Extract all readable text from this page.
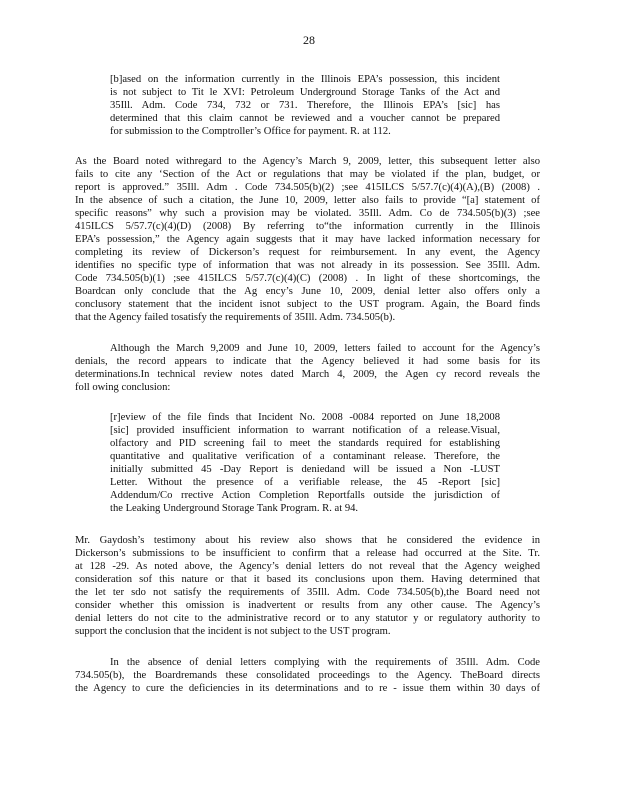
28
[b]ased on the information currently in the Illinois EPA’s possession, this incident
is not subject to Tit le XVI: Petroleum Underground Storage Tanks of the Act and
35Ill. Adm. Code 734, 732 or 731. Therefore, the Illinois EPA’s [sic] has
determined that this claim cannot be reviewed and a voucher cannot be prepared
for submission to the Comptroller’s Office for payment. R. at 112.
As the Board noted withregard to the Agency’s March 9, 2009, letter, this subsequent letter also
fails to cite any ‘Section of the Act or regulations that may be violated if the plan, budget, or
report is approved.” 35Ill. Adm . Code 734.505(b)(2) ;see 415ILCS 5/57.7(c)(4)(A),(B) (2008) .
In the absence of such a citation, the June 10, 2009, letter also fails to provide “[a] statement of
specific reasons” why such a provision may be violated. 35Ill. Adm. Co de 734.505(b)(3) ;see
415ILCS 5/57.7(c)(4)(D) (2008) By referring to“the information currently in the Illinois
EPA’s possession,” the Agency again suggests that it may have lacked information necessary for
completing its review of Dickerson’s request for reimbursement. In any event, the Agency
identifies no specific type of information that was not already in its possession. See 35Ill. Adm.
Code 734.505(b)(1) ;see 415ILCS 5/57.7(c)(4)(C) (2008) . In light of these shortcomings, the
Boardcan only conclude that the Ag ency’s June 10, 2009, denial letter also offers only a
conclusory statement that the incident isnot subject to the UST program. Again, the Board finds
that the Agency failed tosatisfy the requirements of 35Ill. Adm. 734.505(b).
Although the March 9,2009 and June 10, 2009, letters failed to account for the Agency’s
denials, the record appears to indicate that the Agency believed it had some basis for its
determinations.In technical review notes dated March 4, 2009, the Agen cy record reveals the
foll owing conclusion:
[r]eview of the file finds that Incident No. 2008 -0084 reported on June 18,2008
[sic] provided insufficient information to warrant notification of a release.Visual,
olfactory and PID screening fail to meet the standards required for establishing
quantitative and qualitative verification of a contaminant release. Therefore, the
initially submitted 45 -Day Report is deniedand will be issued a Non -LUST
Letter. Without the presence of a verifiable release, the 45 -Report [sic]
Addendum/Co rrective Action Completion Reportfalls outside the jurisdiction of
the Leaking Underground Storage Tank Program. R. at 94.
Mr. Gaydosh’s testimony about his review also shows that he considered the evidence in
Dickerson’s submissions to be insufficient to confirm that a release had occurred at the Site. Tr.
at 128 -29. As noted above, the Agency’s denial letters do not reveal that the Agency weighed
consideration sof this nature or that it based its conclusions upon them. Having determined that
the let ter sdo not satisfy the requirements of 35Ill. Adm. Code 734.505(b),the Board need not
consider whether this omission is inadvertent or results from any other cause. The Agency’s
denial letters do not cite to the administrative record or to any statutor y or regulatory authority to
support the conclusion that the incident is not subject to the UST program.
In the absence of denial letters complying with the requirements of 35Ill. Adm. Code
734.505(b), the Boardremands these consolidated proceedings to the Agency. TheBoard directs
the Agency to cure the deficiencies in its determinations and to re - issue them within 30 days of
